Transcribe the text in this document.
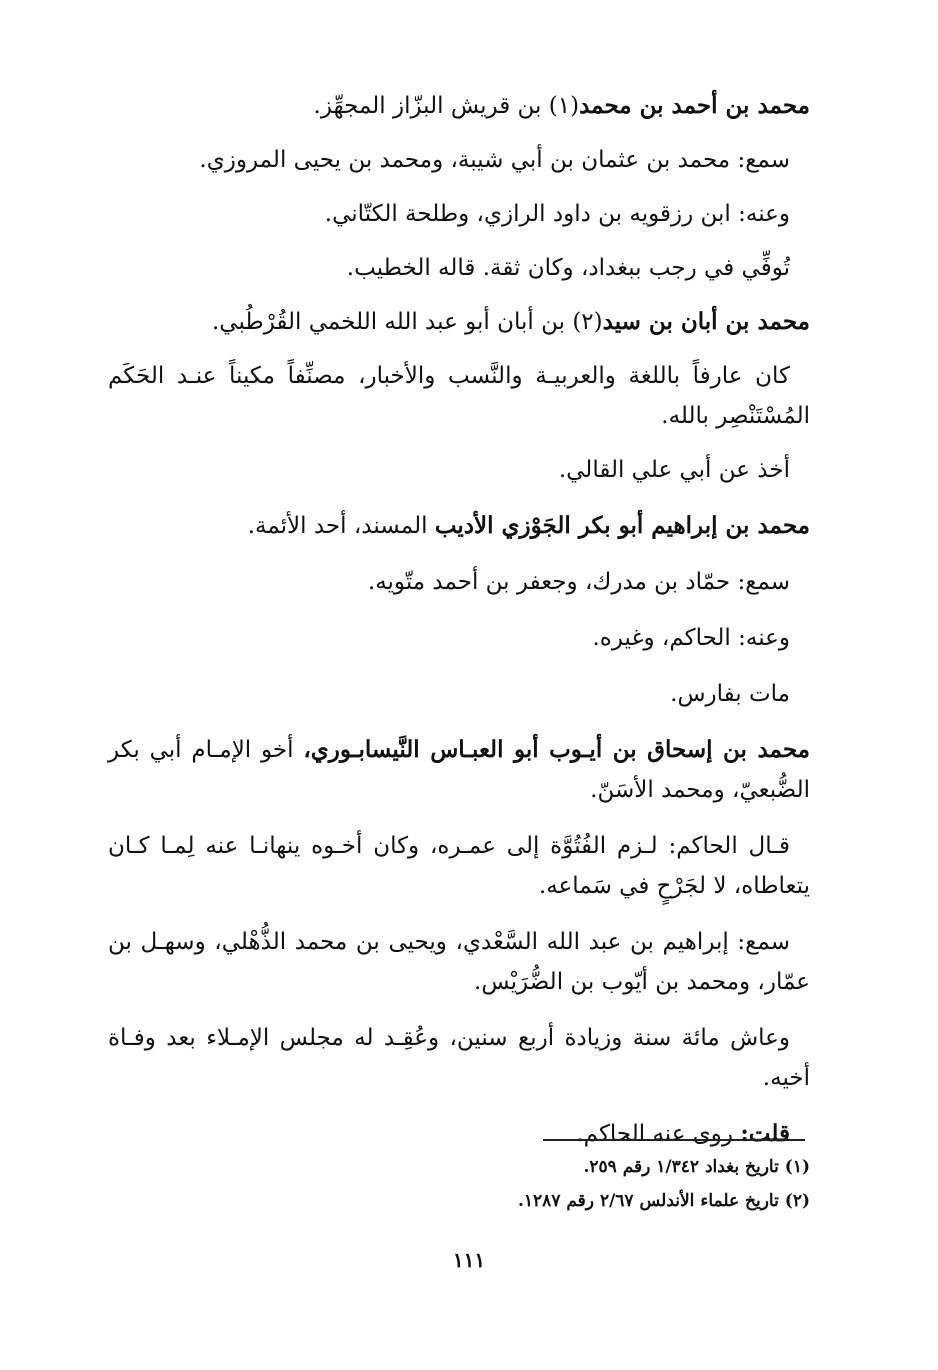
محمد بن أحمد بن محمد(١) بن قريش البزّاز المجهِّز.

سمع: محمد بن عثمان بن أبي شيبة، ومحمد بن يحيى المروزي.

وعنه: ابن رزقويه بن داود الرازي، وطلحة الكتّاني.

تُوفِّي في رجب ببغداد، وكان ثقة. قاله الخطيب.

محمد بن أبان بن سيد(٢) بن أبان أبو عبد الله اللخمي القُرْطُبي.

كان عارفاً باللغة والعربيـة والنَّسب والأخبار، مصنِّفاً مكيناً عنـد الحَكَم المُسْتَنْصِر بالله.

أخذ عن أبي علي القالي.

محمد بن إبراهيم أبو بكر الجَوْزي الأديب المسند، أحد الأئمة.

سمع: حمّاد بن مدرك، وجعفر بن أحمد متّويه.

وعنه: الحاكم، وغيره.

مات بفارس.

محمد بن إسحاق بن أيـوب أبو العبـاس النَّيسابـوري، أخو الإمـام أبي بكر الضُّبعيّ، ومحمد الأسَنّ.

قـال الحاكم: لـزم الفُتُوَّة إلى عمـره، وكان أخـوه ينهانـا عنه لِمـا كـان يتعاطاه، لا لجَرْحٍ في سَماعه.

سمع: إبراهيم بن عبد الله السَّعْدي، ويحيى بن محمد الذُّهْلي، وسهـل بن عمّار، ومحمد بن أيّوب بن الضُّرَيْس.

وعاش مائة سنة وزيادة أربع سنين، وعُقِـد له مجلس الإمـلاء بعد وفـاة أخيه.

قلت: روى عنه الحاكم.

(١) تاريخ بغداد ١/٣٤٢ رقم ٢٥٩.
(٢) تاريخ علماء الأندلس ٢/٦٧ رقم ١٢٨٧.
١١١
